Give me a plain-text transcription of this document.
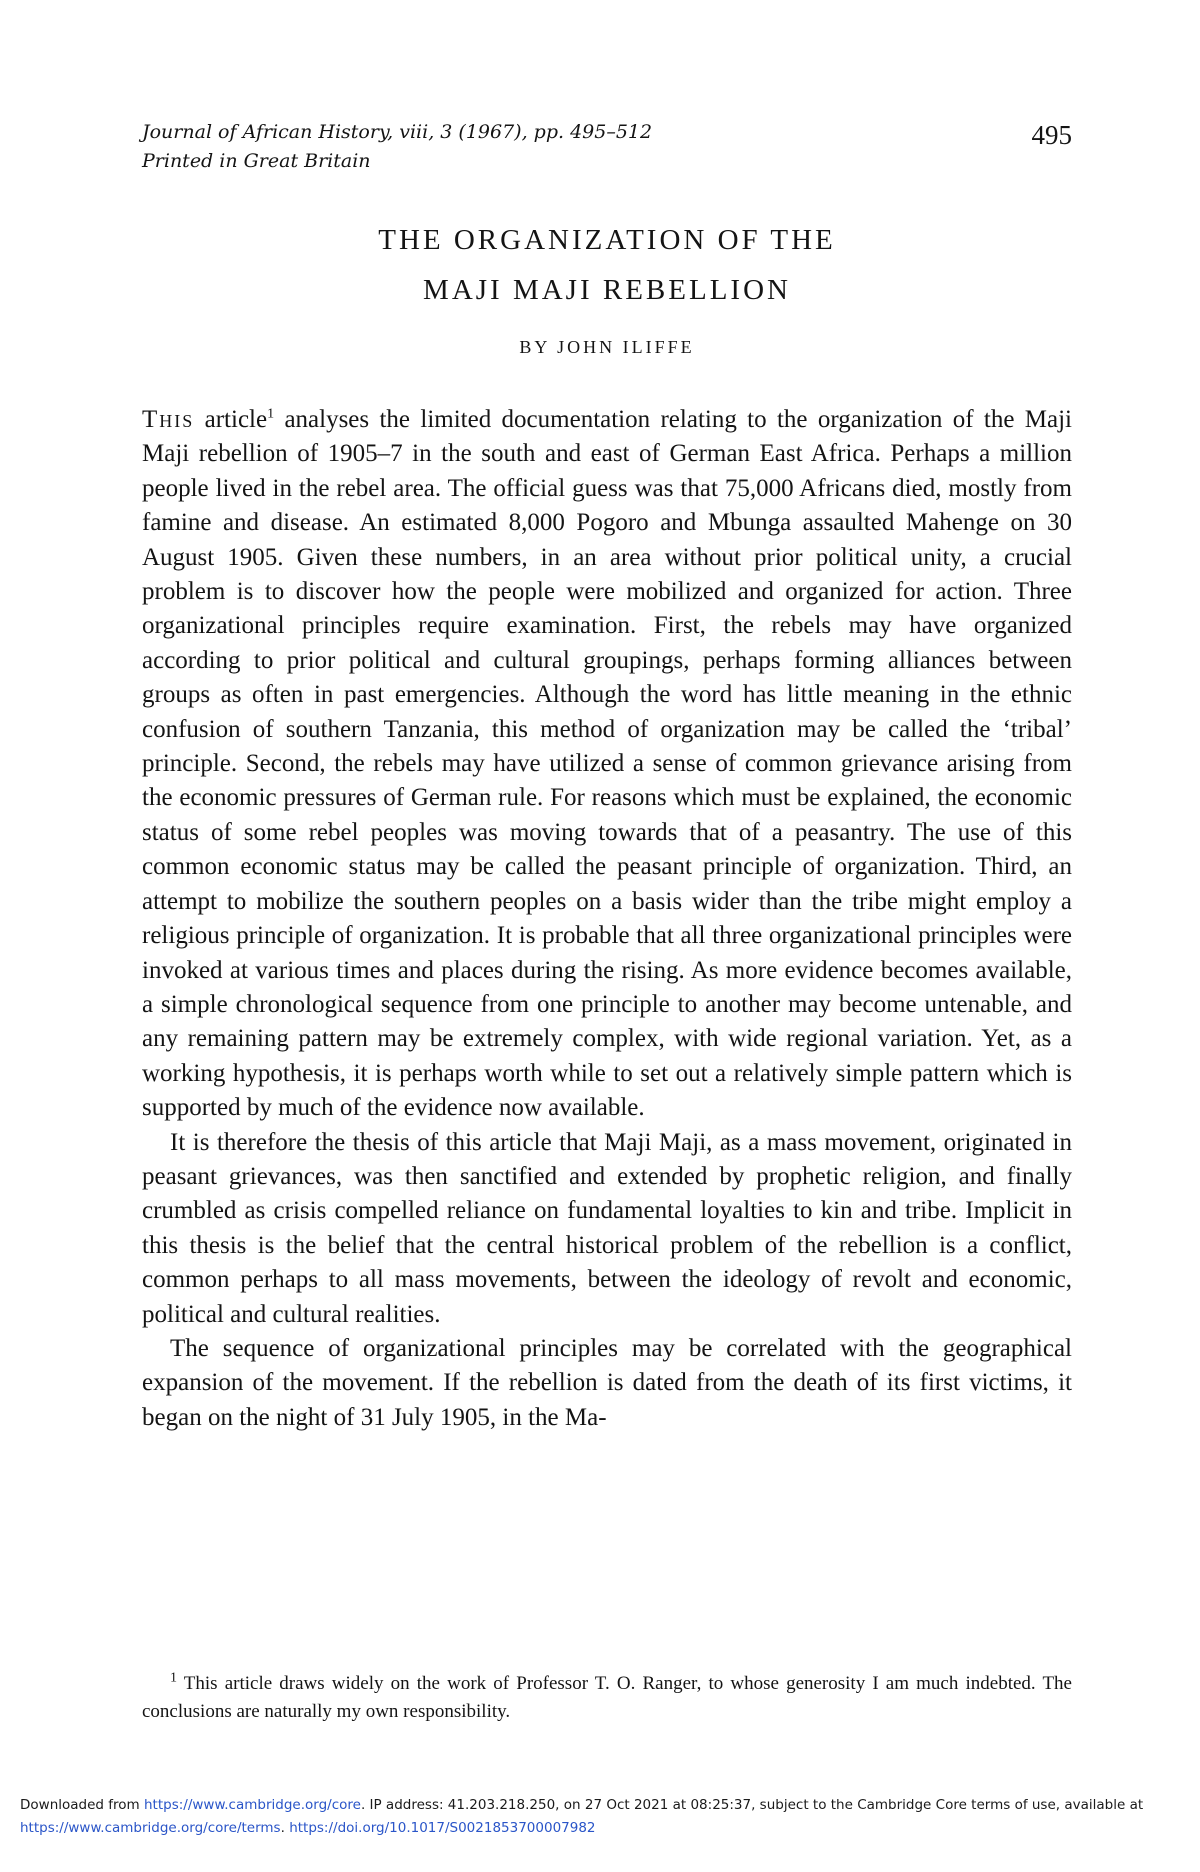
Journal of African History, viii, 3 (1967), pp. 495–512
Printed in Great Britain
495
THE ORGANIZATION OF THE
MAJI MAJI REBELLION
BY JOHN ILIFFE

This article$^1$ analyses the limited documentation relating to the organization of the Maji Maji rebellion of 1905–7 in the south and east of German East Africa. Perhaps a million people lived in the rebel area. The official guess was that 75,000 Africans died, mostly from famine and disease. An estimated 8,000 Pogoro and Mbunga assaulted Mahenge on 30 August 1905. Given these numbers, in an area without prior political unity, a crucial problem is to discover how the people were mobilized and organized for action. Three organizational principles require examination. First, the rebels may have organized according to prior political and cultural groupings, perhaps forming alliances between groups as often in past emergencies. Although the word has little meaning in the ethnic confusion of southern Tanzania, this method of organization may be called the ‘tribal’ principle. Second, the rebels may have utilized a sense of common grievance arising from the economic pressures of German rule. For reasons which must be explained, the economic status of some rebel peoples was moving towards that of a peasantry. The use of this common economic status may be called the peasant principle of organization. Third, an attempt to mobilize the southern peoples on a basis wider than the tribe might employ a religious principle of organization. It is probable that all three organizational principles were invoked at various times and places during the rising. As more evidence becomes available, a simple chronological sequence from one principle to another may become untenable, and any remaining pattern may be extremely complex, with wide regional variation. Yet, as a working hypothesis, it is perhaps worth while to set out a relatively simple pattern which is supported by much of the evidence now available.

It is therefore the thesis of this article that Maji Maji, as a mass movement, originated in peasant grievances, was then sanctified and extended by prophetic religion, and finally crumbled as crisis compelled reliance on fundamental loyalties to kin and tribe. Implicit in this thesis is the belief that the central historical problem of the rebellion is a conflict, common perhaps to all mass movements, between the ideology of revolt and economic, political and cultural realities.

The sequence of organizational principles may be correlated with the geographical expansion of the movement. If the rebellion is dated from the death of its first victims, it began on the night of 31 July 1905, in the Ma-

$^1$ This article draws widely on the work of Professor T. O. Ranger, to whose generosity I am much indebted. The conclusions are naturally my own responsibility.
Downloaded from https://www.cambridge.org/core. IP address: 41.203.218.250, on 27 Oct 2021 at 08:25:37, subject to the Cambridge Core terms of use, available at https://www.cambridge.org/core/terms. https://doi.org/10.1017/S0021853700007982
